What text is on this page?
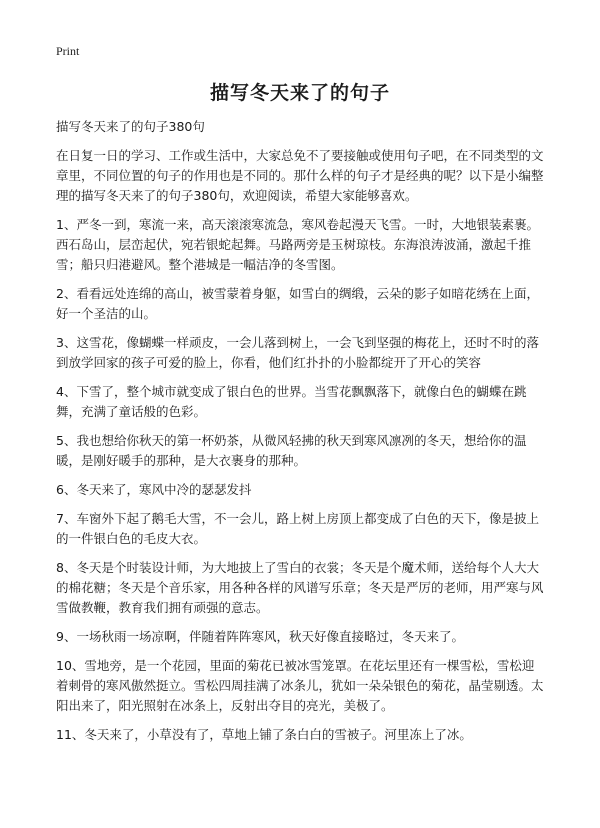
Print
描写冬天来了的句子

描写冬天来了的句子380句

在日复一日的学习、工作或生活中，大家总免不了要接触或使用句子吧，在不同类型的文章里，不同位置的句子的作用也是不同的。那什么样的句子才是经典的呢？以下是小编整理的描写冬天来了的句子380句，欢迎阅读，希望大家能够喜欢。

1、严冬一到，寒流一来，高天滚滚寒流急，寒风卷起漫天飞雪。一时，大地银装素裹。西石岛山，层峦起伏，宛若银蛇起舞。马路两旁是玉树琼枝。东海浪涛波涌，激起千推雪；船只归港避风。整个港城是一幅洁净的冬雪图。

2、看看远处连绵的高山，被雪蒙着身躯，如雪白的绸缎，云朵的影子如暗花绣在上面，好一个圣洁的山。

3、这雪花，像蝴蝶一样顽皮，一会儿落到树上，一会飞到坚强的梅花上，还时不时的落到放学回家的孩子可爱的脸上，你看，他们红扑扑的小脸都绽开了开心的笑容

4、下雪了，整个城市就变成了银白色的世界。当雪花飘飘落下，就像白色的蝴蝶在跳舞，充满了童话般的色彩。

5、我也想给你秋天的第一杯奶茶，从微风轻拂的秋天到寒风凛冽的冬天，想给你的温暖，是刚好暖手的那种，是大衣裹身的那种。

6、冬天来了，寒风中冷的瑟瑟发抖

7、车窗外下起了鹅毛大雪，不一会儿，路上树上房顶上都变成了白色的天下，像是披上的一件银白色的毛皮大衣。

8、冬天是个时装设计师，为大地披上了雪白的衣裳；冬天是个魔术师，送给每个人大大的棉花糖；冬天是个音乐家，用各种各样的风谱写乐章；冬天是严厉的老师，用严寒与风雪做教鞭，教育我们拥有顽强的意志。

9、一场秋雨一场凉啊，伴随着阵阵寒风，秋天好像直接略过，冬天来了。

10、雪地旁，是一个花园，里面的菊花已被冰雪笼罩。在花坛里还有一棵雪松，雪松迎着刺骨的寒风傲然挺立。雪松四周挂满了冰条儿，犹如一朵朵银色的菊花，晶莹剔透。太阳出来了，阳光照射在冰条上，反射出夺目的亮光，美极了。

11、冬天来了，小草没有了，草地上铺了条白白的雪被子。河里冻上了冰。
